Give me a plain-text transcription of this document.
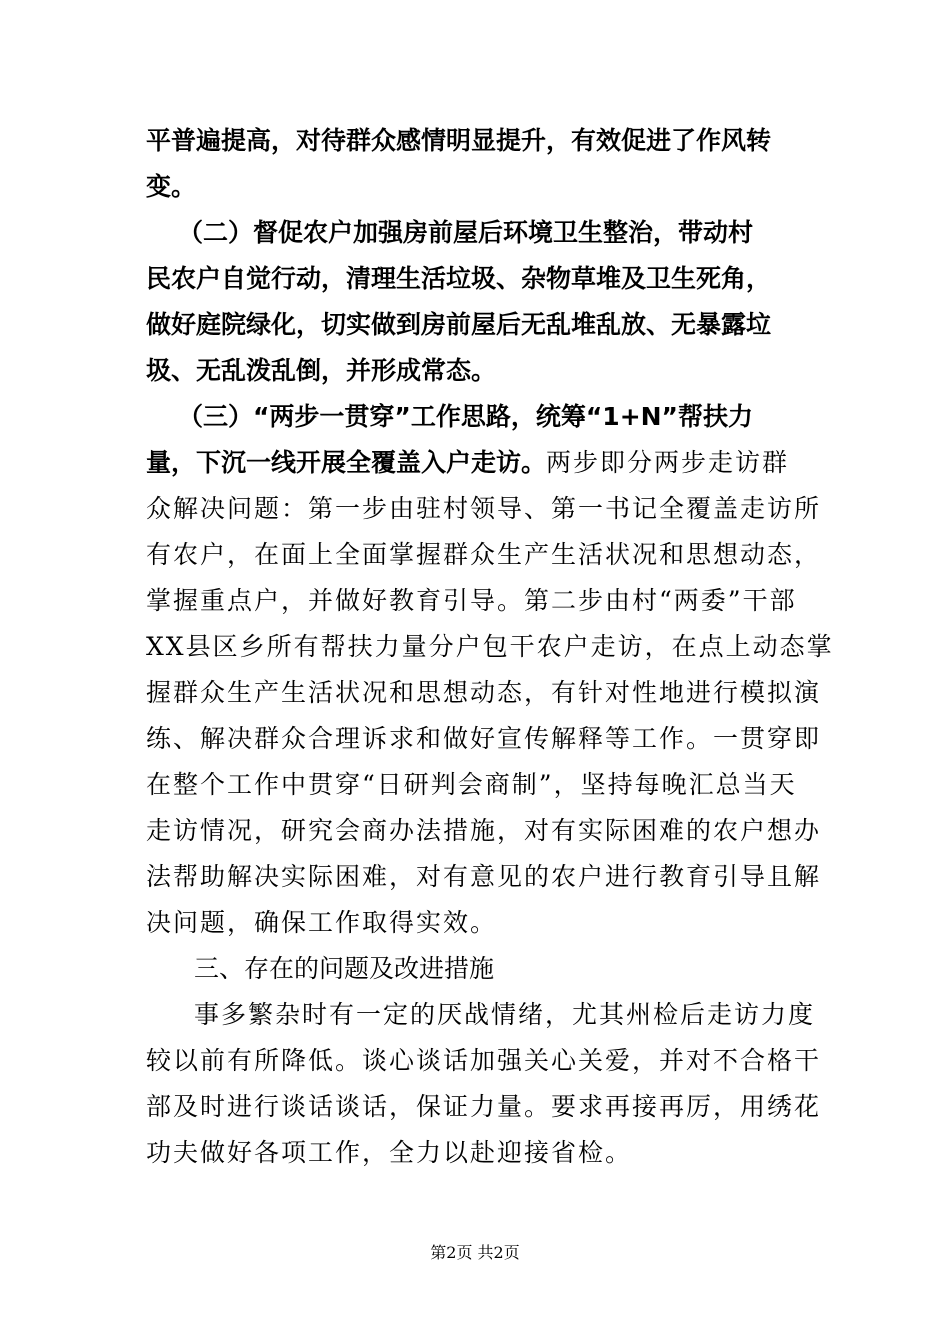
平普遍提高，对待群众感情明显提升，有效促进了作风转
变。
（二）督促农户加强房前屋后环境卫生整治，带动村
民农户自觉行动，清理生活垃圾、杂物草堆及卫生死角，
做好庭院绿化，切实做到房前屋后无乱堆乱放、无暴露垃
圾、无乱泼乱倒，并形成常态。
（三）“两步一贯穿”工作思路，统筹“1+N”帮扶力
量，下沉一线开展全覆盖入户走访。两步即分两步走访群
众解决问题：第一步由驻村领导、第一书记全覆盖走访所
有农户，在面上全面掌握群众生产生活状况和思想动态，
掌握重点户，并做好教育引导。第二步由村“两委”干部
XX县区乡所有帮扶力量分户包干农户走访，在点上动态掌
握群众生产生活状况和思想动态，有针对性地进行模拟演
练、解决群众合理诉求和做好宣传解释等工作。一贯穿即
在整个工作中贯穿“日研判会商制”，坚持每晚汇总当天
走访情况，研究会商办法措施，对有实际困难的农户想办
法帮助解决实际困难，对有意见的农户进行教育引导且解
决问题，确保工作取得实效。
三、存在的问题及改进措施
事多繁杂时有一定的厌战情绪，尤其州检后走访力度
较以前有所降低。谈心谈话加强关心关爱，并对不合格干
部及时进行谈话谈话，保证力量。要求再接再厉，用绣花
功夫做好各项工作，全力以赴迎接省检。
第2页 共2页
